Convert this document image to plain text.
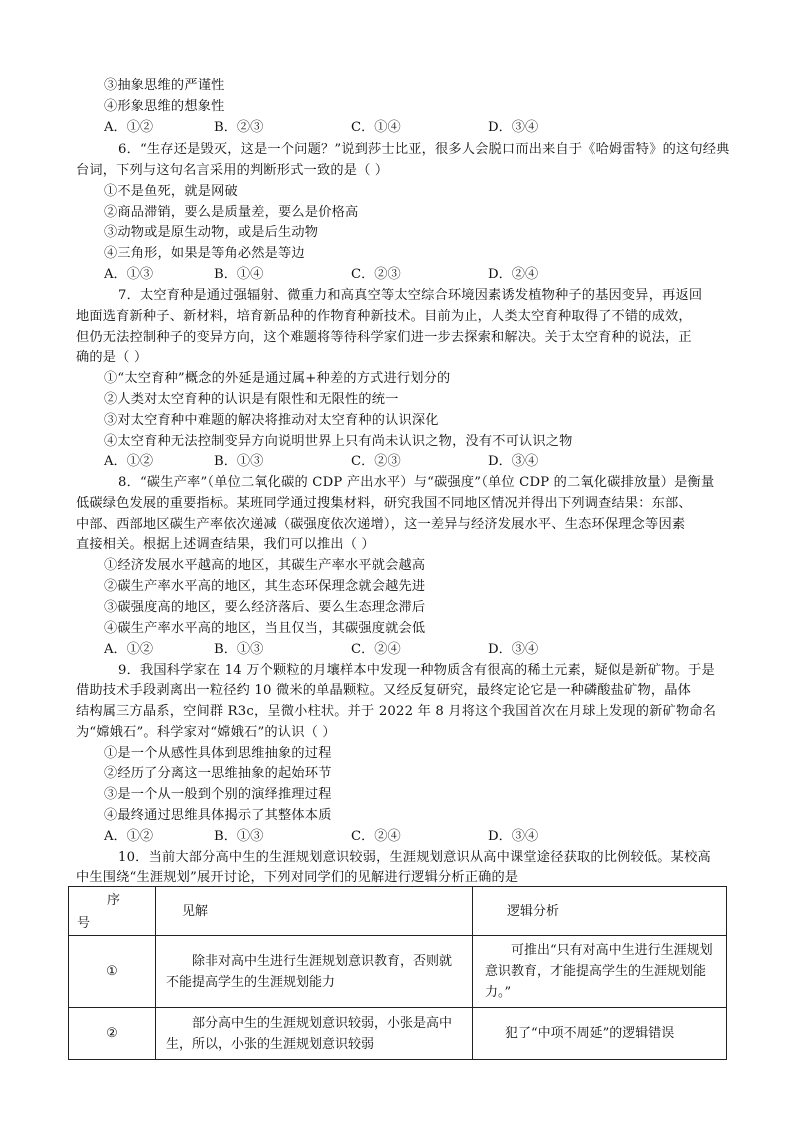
③抽象思维的严谨性
④形象思维的想象性
A．①②	B．②③	C．①④	D．③④
6．“生存还是毁灭，这是一个问题？”说到莎士比亚，很多人会脱口而出来自于《哈姆雷特》的这句经典
台词，下列与这句名言采用的判断形式一致的是（ ）
①不是鱼死，就是网破
②商品滞销，要么是质量差，要么是价格高
③动物或是原生动物，或是后生动物
④三角形，如果是等角必然是等边
A．①③	B．①④	C．②③	D．②④
7．太空育种是通过强辐射、微重力和高真空等太空综合环境因素诱发植物种子的基因变异，再返回
地面选育新种子、新材料，培育新品种的作物育种新技术。目前为止，人类太空育种取得了不错的成效，
但仍无法控制种子的变异方向，这个难题将等待科学家们进一步去探索和解决。关于太空育种的说法，正
确的是（ ）
①“太空育种”概念的外延是通过属+种差的方式进行划分的
②人类对太空育种的认识是有限性和无限性的统一
③对太空育种中难题的解决将推动对太空育种的认识深化
④太空育种无法控制变异方向说明世界上只有尚未认识之物，没有不可认识之物
A．①②	B．①③	C．②③	D．③④
8．“碳生产率”（单位二氧化碳的 CDP 产出水平）与“碳强度”（单位 CDP 的二氧化碳排放量）是衡量
低碳绿色发展的重要指标。某班同学通过搜集材料，研究我国不同地区情况并得出下列调查结果：东部、
中部、西部地区碳生产率依次递减（碳强度依次递增），这一差异与经济发展水平、生态环保理念等因素
直接相关。根据上述调查结果，我们可以推出（ ）
①经济发展水平越高的地区，其碳生产率水平就会越高
②碳生产率水平高的地区，其生态环保理念就会越先进
③碳强度高的地区，要么经济落后、要么生态理念滞后
④碳生产率水平高的地区，当且仅当，其碳强度就会低
A．①②	B．①③	C．②④	D．③④
9．我国科学家在 14 万个颗粒的月壤样本中发现一种物质含有很高的稀土元素，疑似是新矿物。于是
借助技术手段剥离出一粒径约 10 微米的单晶颗粒。又经反复研究，最终定论它是一种磷酸盐矿物，晶体
结构属三方晶系，空间群 R3c，呈微小柱状。并于 2022 年 8 月将这个我国首次在月球上发现的新矿物命名
为“嫦娥石”。科学家对“嫦娥石”的认识（ ）
①是一个从感性具体到思维抽象的过程
②经历了分离这一思维抽象的起始环节
③是一个从一般到个别的演绎推理过程
④最终通过思维具体揭示了其整体本质
A．①②	B．①③	C．②④	D．③④
10．当前大部分高中生的生涯规划意识较弱，生涯规划意识从高中课堂途径获取的比例较低。某校高
中生围绕“生涯规划”展开讨论，下列对同学们的见解进行逻辑分析正确的是
序
号	见解	逻辑分析
①	除非对高中生进行生涯规划意识教育，否则就不能提高学生的生涯规划能力	可推出“只有对高中生进行生涯规划意识教育，才能提高学生的生涯规划能力。”
②	部分高中生的生涯规划意识较弱，小张是高中生，所以，小张的生涯规划意识较弱	犯了“中项不周延”的逻辑错误
